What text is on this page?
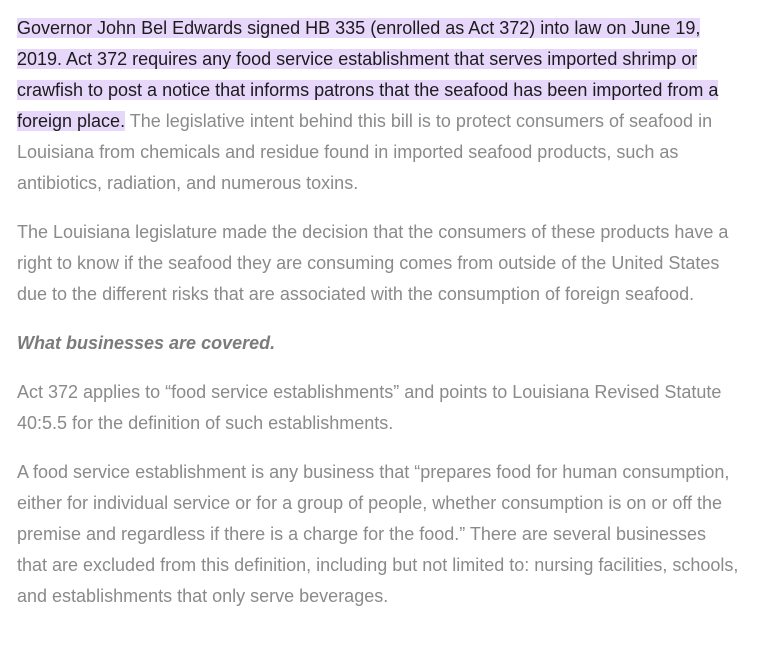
Governor John Bel Edwards signed HB 335 (enrolled as Act 372) into law on June 19, 2019. Act 372 requires any food service establishment that serves imported shrimp or crawfish to post a notice that informs patrons that the seafood has been imported from a foreign place. The legislative intent behind this bill is to protect consumers of seafood in Louisiana from chemicals and residue found in imported seafood products, such as antibiotics, radiation, and numerous toxins.

The Louisiana legislature made the decision that the consumers of these products have a right to know if the seafood they are consuming comes from outside of the United States due to the different risks that are associated with the consumption of foreign seafood.

What businesses are covered.

Act 372 applies to “food service establishments” and points to Louisiana Revised Statute 40:5.5 for the definition of such establishments.

A food service establishment is any business that “prepares food for human consumption, either for individual service or for a group of people, whether consumption is on or off the premise and regardless if there is a charge for the food.” There are several businesses that are excluded from this definition, including but not limited to: nursing facilities, schools, and establishments that only serve beverages.
